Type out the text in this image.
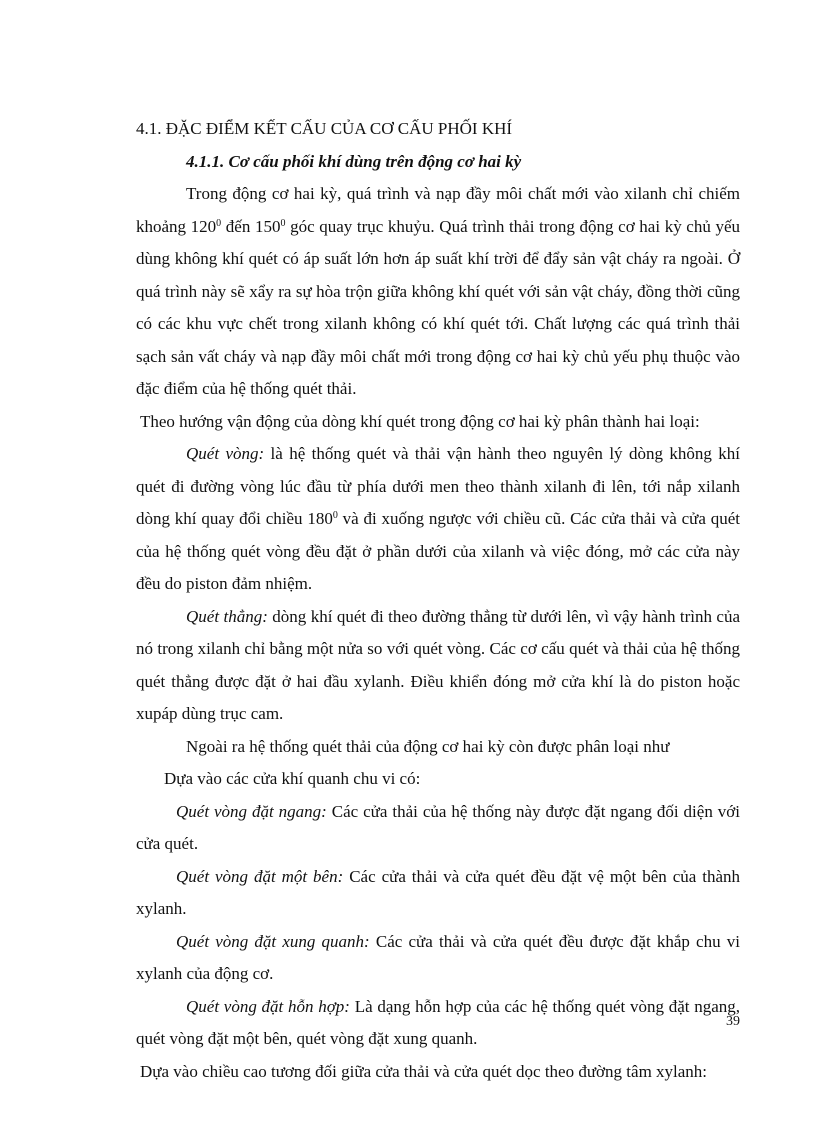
4.1. ĐẶC ĐIỂM KẾT CẤU CỦA CƠ CẤU PHỐI KHÍ

4.1.1. Cơ cấu phối khí dùng trên động cơ hai kỳ

Trong động cơ hai kỳ, quá trình và nạp đầy môi chất mới vào xilanh chỉ chiếm khoảng $120^0$ đến $150^0$ góc quay trục khuỷu. Quá trình thải trong động cơ hai kỳ chủ yếu dùng không khí quét có áp suất lớn hơn áp suất khí trời để đẩy sản vật cháy ra ngoài. Ở quá trình này sẽ xẩy ra sự hòa trộn giữa không khí quét với sản vật cháy, đồng thời cũng có các khu vực chết trong xilanh không có khí quét tới. Chất lượng các quá trình thải sạch sản vất cháy và nạp đầy môi chất mới trong động cơ hai kỳ chủ yếu phụ thuộc vào đặc điểm của hệ thống quét thải.

Theo hướng vận động của dòng khí quét trong động cơ hai kỳ phân thành hai loại:

Quét vòng: là hệ thống quét và thải vận hành theo nguyên lý dòng không khí quét đi đường vòng lúc đầu từ phía dưới men theo thành xilanh đi lên, tới nắp xilanh dòng khí quay đổi chiều $180^0$ và đi xuống ngược với chiều cũ. Các cửa thải và cửa quét của hệ thống quét vòng đều đặt ở phần dưới của xilanh và việc đóng, mở các cửa này đều do piston đảm nhiệm.

Quét thẳng: dòng khí quét đi theo đường thẳng từ dưới lên, vì vậy hành trình của nó trong xilanh chỉ bằng một nửa so với quét vòng. Các cơ cấu quét và thải của hệ thống quét thẳng được đặt ở hai đầu xylanh. Điều khiển đóng mở cửa khí là do piston hoặc xupáp dùng trục cam.

Ngoài ra hệ thống quét thải của động cơ hai kỳ còn được phân loại như

Dựa vào các cửa khí quanh chu vi có:

Quét vòng đặt ngang: Các cửa thải của hệ thống này được đặt ngang đối diện với cửa quét.

Quét vòng đặt một bên: Các cửa thải và cửa quét đều đặt vệ một bên của thành xylanh.

Quét vòng đặt xung quanh: Các cửa thải và cửa quét đều được đặt khắp chu vi xylanh của động cơ.

Quét vòng đặt hỗn hợp: Là dạng hỗn hợp của các hệ thống quét vòng đặt ngang, quét vòng đặt một bên, quét vòng đặt xung quanh.

Dựa vào chiều cao tương đối giữa cửa thải và cửa quét dọc theo đường tâm xylanh:

39
